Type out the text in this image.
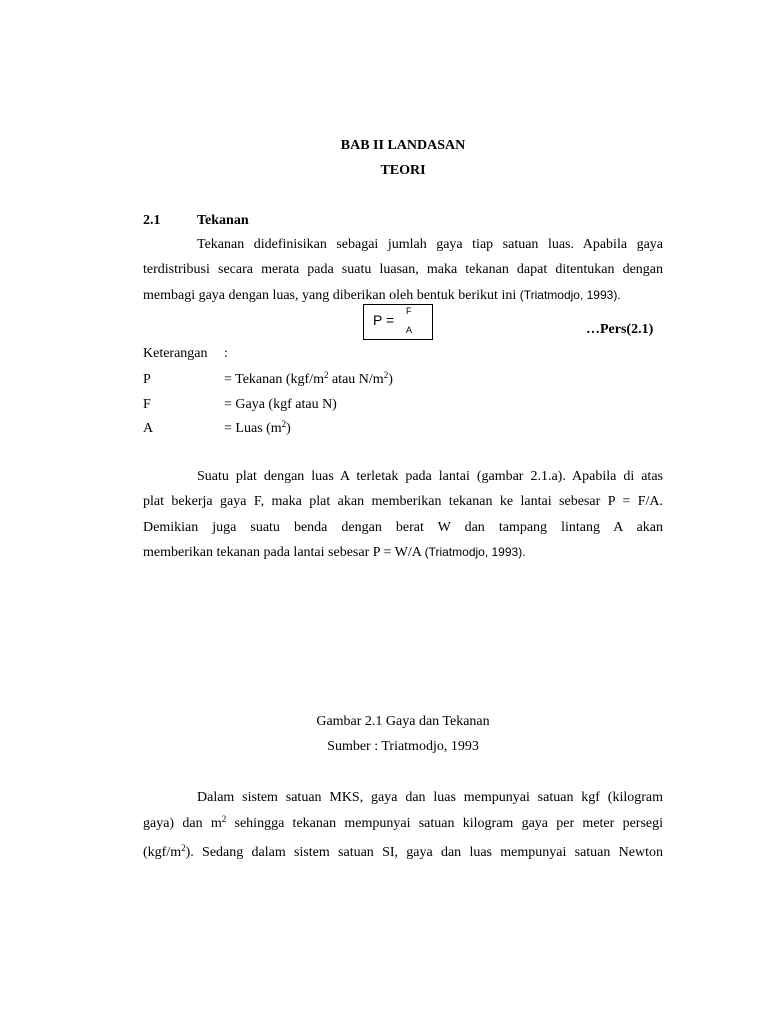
BAB II LANDASAN
TEORI
2.1	Tekanan
Tekanan didefinisikan sebagai jumlah gaya tiap satuan luas. Apabila gaya
terdistribusi secara merata pada suatu luasan, maka tekanan dapat ditentukan dengan
membagi gaya dengan luas, yang diberikan oleh bentuk berikut ini (Triatmodjo, 1993).
P =
F
A	…Pers(2.1)
Keterangan :
P	= Tekanan ($kgf/m^2$ atau $N/m^2$)
F	= Gaya (kgf atau N)
A	= Luas $(m^2)$
Suatu plat dengan luas A terletak pada lantai (gambar 2.1.a). Apabila di atas
plat bekerja gaya F, maka plat akan memberikan tekanan ke lantai sebesar P = F/A.
Demikian juga suatu benda dengan berat W dan tampang lintang A akan
memberikan tekanan pada lantai sebesar P = W/A (Triatmodjo, 1993).
Gambar 2.1 Gaya dan Tekanan
Sumber : Triatmodjo, 1993
Dalam sistem satuan MKS, gaya dan luas mempunyai satuan kgf (kilogram
gaya) dan $m^2$ sehingga tekanan mempunyai satuan kilogram gaya per meter persegi
$(kgf/m^2)$. Sedang dalam sistem satuan SI, gaya dan luas mempunyai satuan Newton
